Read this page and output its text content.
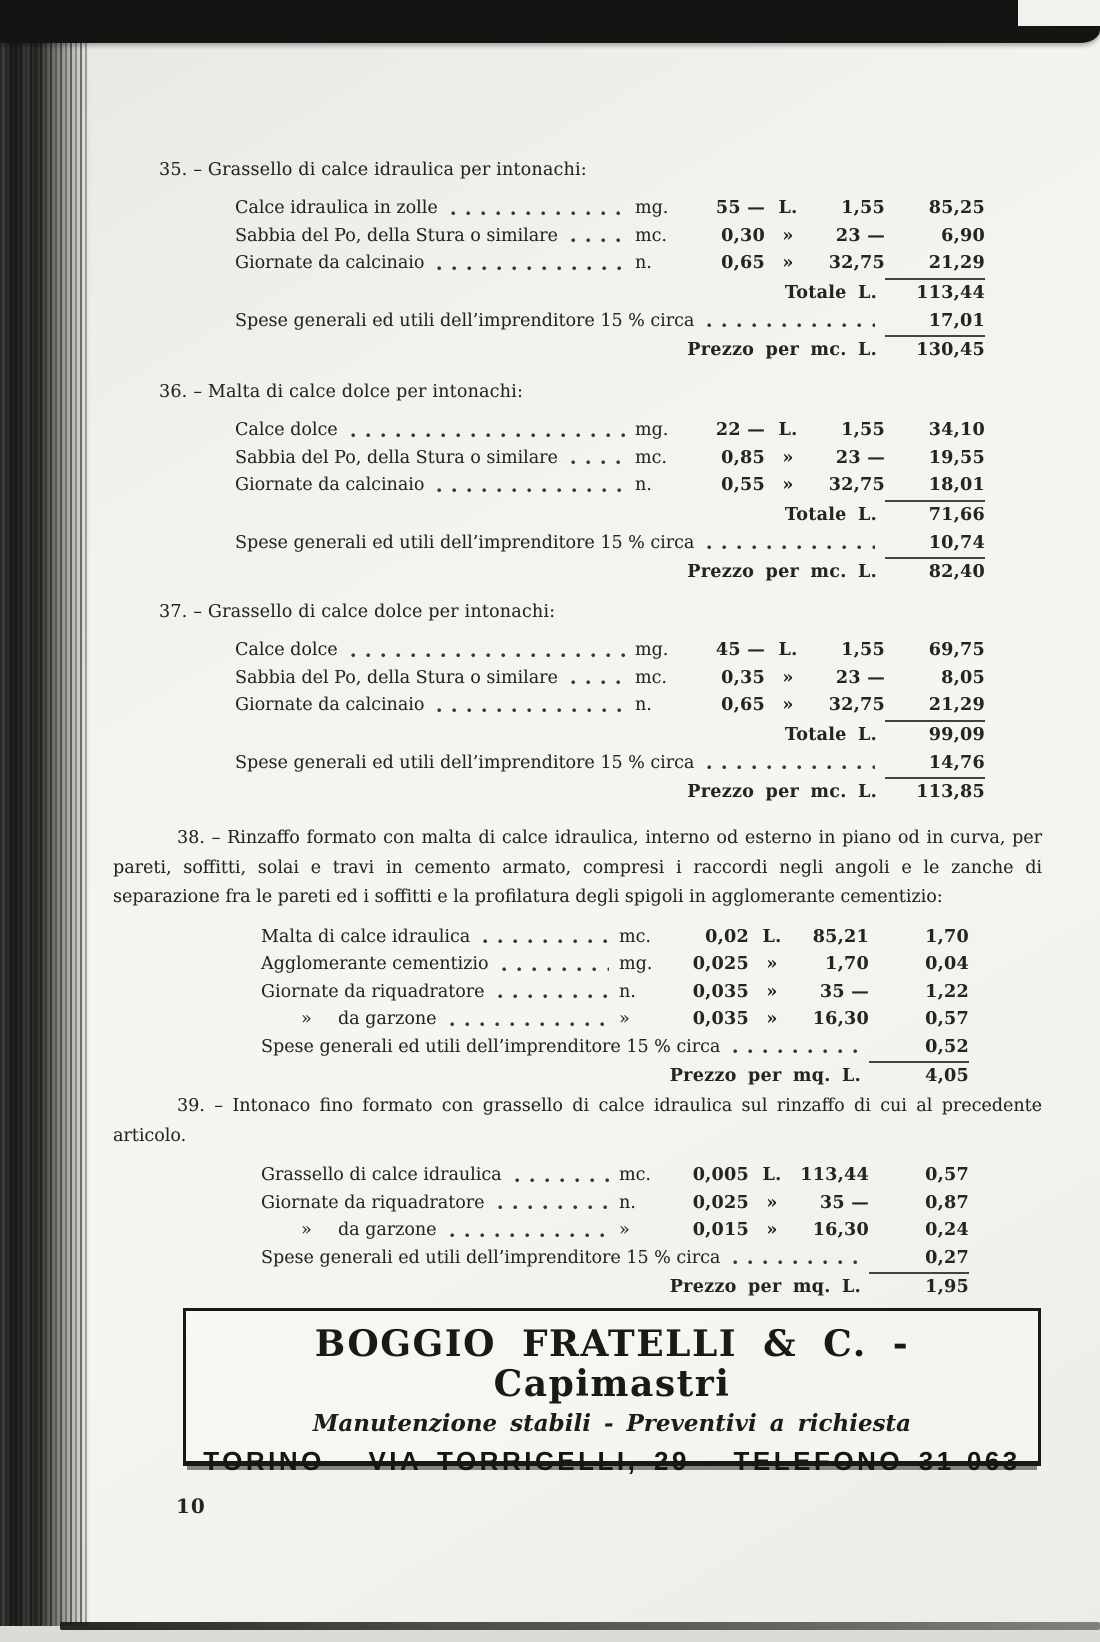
35. – Grassello di calce idraulica per intonachi:

Calce idraulica in zolle	mg.	55 — L.	1,55	85,25
Sabbia del Po, della Stura o similare	mc.	0,30 »	23 —	6,90
Giornate da calcinaio	n.	0,65 »	32,75	21,29
Totale L.	113,44
Spese generali ed utili dell’imprenditore 15 % circa	17,01
Prezzo per mc. L.	130,45

36. – Malta di calce dolce per intonachi:

Calce dolce	mg.	22 — L.	1,55	34,10
Sabbia del Po, della Stura o similare	mc.	0,85 »	23 —	19,55
Giornate da calcinaio	n.	0,55 »	32,75	18,01
Totale L.	71,66
Spese generali ed utili dell’imprenditore 15 % circa	10,74
Prezzo per mc. L.	82,40

37. – Grassello di calce dolce per intonachi:

Calce dolce	mg.	45 — L.	1,55	69,75
Sabbia del Po, della Stura o similare	mc.	0,35 »	23 —	8,05
Giornate da calcinaio	n.	0,65 »	32,75	21,29
Totale L.	99,09
Spese generali ed utili dell’imprenditore 15 % circa	14,76
Prezzo per mc. L.	113,85

38. – Rinzaffo formato con malta di calce idraulica, interno od esterno in piano od in curva, per pareti, soffitti, solai e travi in cemento armato, compresi i raccordi negli angoli e le zanche di separazione fra le pareti ed i soffitti e la profilatura degli spigoli in agglomerante cementizio:

Malta di calce idraulica	mc.	0,02 L.	85,21	1,70
Agglomerante cementizio	mg.	0,025 »	1,70	0,04
Giornate da riquadratore	n.	0,035 »	35 —	1,22
»  da garzone	»	0,035 »	16,30	0,57
Spese generali ed utili dell’imprenditore 15 % circa	0,52
Prezzo per mq. L.	4,05

39. – Intonaco fino formato con grassello di calce idraulica sul rinzaffo di cui al precedente articolo.

Grassello di calce idraulica	mc.	0,005 L.	113,44	0,57
Giornate da riquadratore	n.	0,025 »	35 —	0,87
»  da garzone	»	0,015 »	16,30	0,24
Spese generali ed utili dell’imprenditore 15 % circa	0,27
Prezzo per mq. L.	1,95
BOGGIO FRATELLI & C. - Capimastri
Manutenzione stabili - Preventivi a richiesta
TORINO - VIA TORRICELLI, 29 - TELEFONO 31-063
10
